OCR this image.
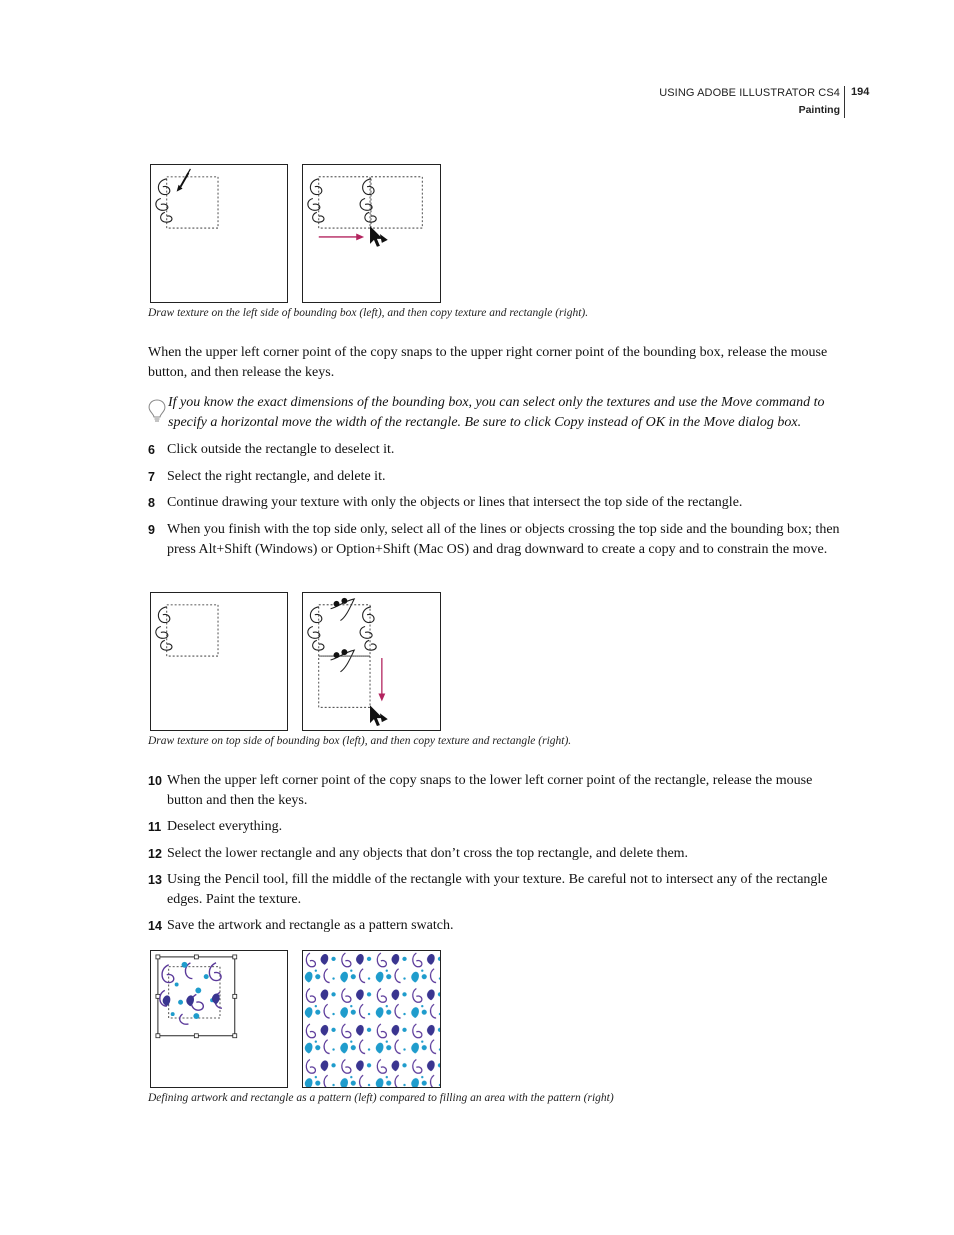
USING ADOBE ILLUSTRATOR CS4
Painting
194
Draw texture on the left side of bounding box (left), and then copy texture and rectangle (right).
When the upper left corner point of the copy snaps to the upper right corner point of the bounding box, release the mouse button, and then release the keys.
If you know the exact dimensions of the bounding box, you can select only the textures and use the Move command to specify a horizontal move the width of the rectangle. Be sure to click Copy instead of OK in the Move dialog box.
6 Click outside the rectangle to deselect it.
7 Select the right rectangle, and delete it.
8 Continue drawing your texture with only the objects or lines that intersect the top side of the rectangle.
9 When you finish with the top side only, select all of the lines or objects crossing the top side and the bounding box; then press Alt+Shift (Windows) or Option+Shift (Mac OS) and drag downward to create a copy and to constrain the move.
Draw texture on top side of bounding box (left), and then copy texture and rectangle (right).
10 When the upper left corner point of the copy snaps to the lower left corner point of the rectangle, release the mouse button and then the keys.
11 Deselect everything.
12 Select the lower rectangle and any objects that don’t cross the top rectangle, and delete them.
13 Using the Pencil tool, fill the middle of the rectangle with your texture. Be careful not to intersect any of the rectangle edges. Paint the texture.
14 Save the artwork and rectangle as a pattern swatch.
Defining artwork and rectangle as a pattern (left) compared to filling an area with the pattern (right)
